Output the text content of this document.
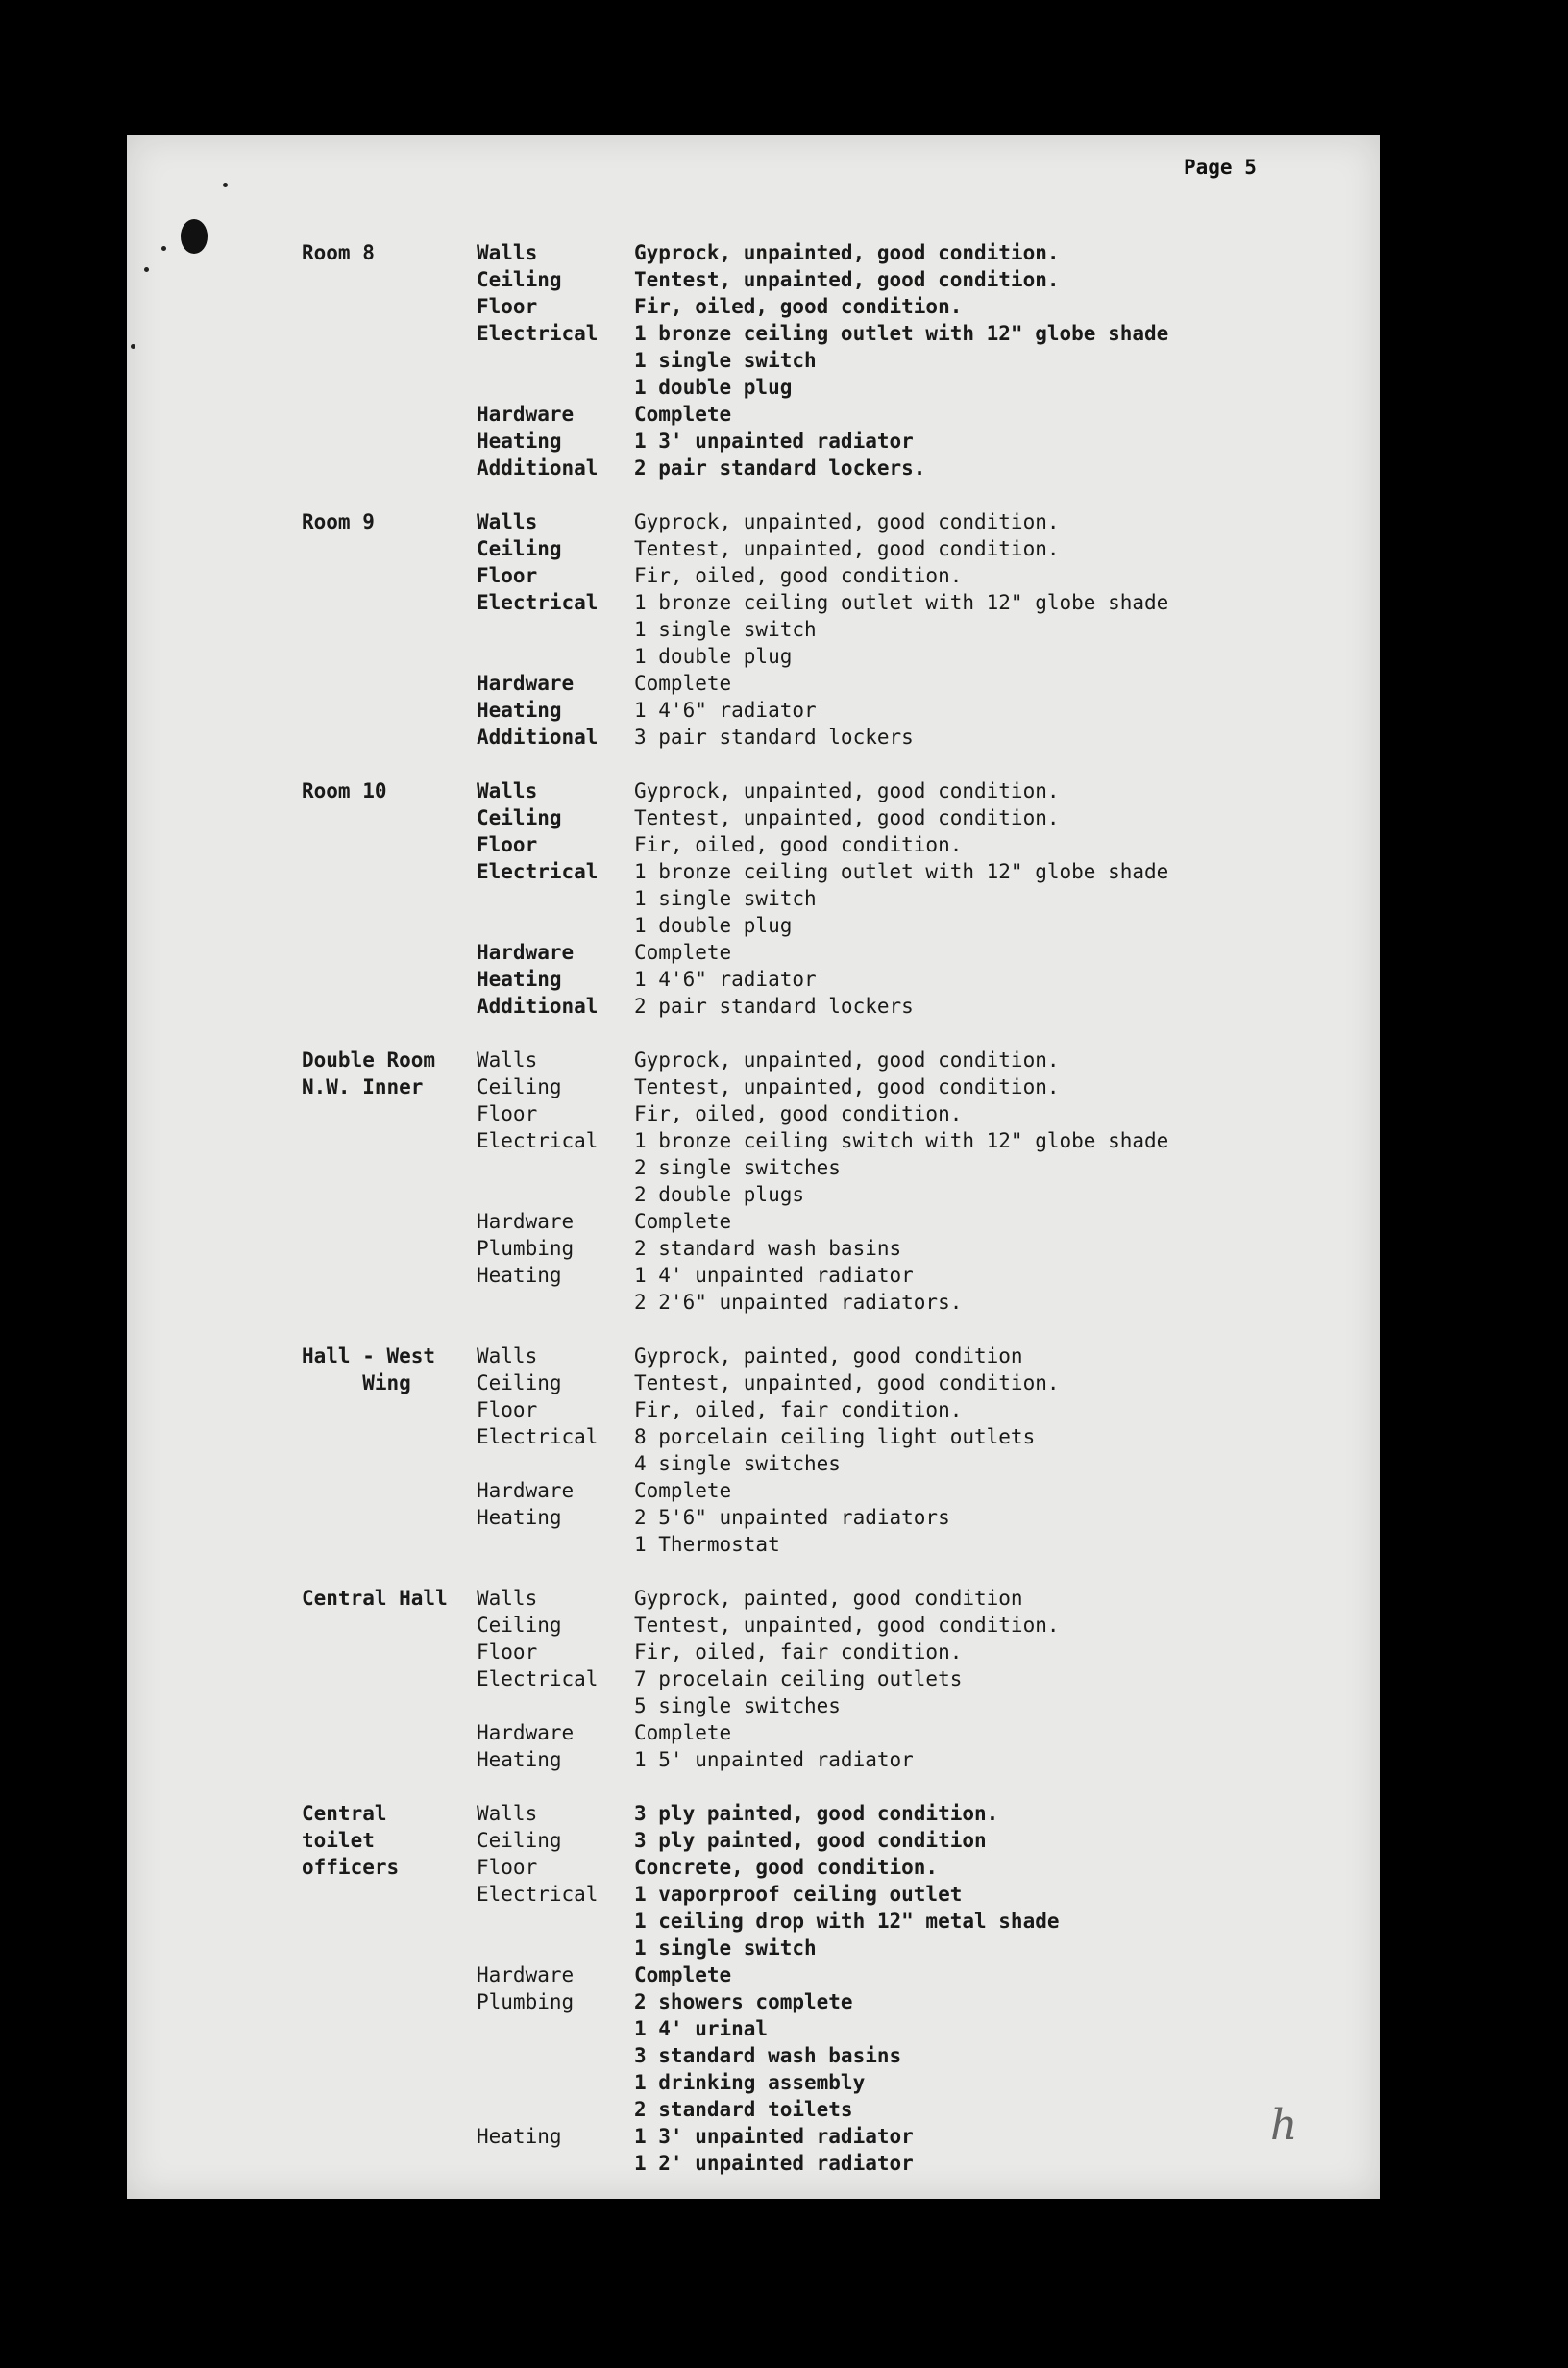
Page 5
Room 8	Walls	Gyprock, unpainted, good condition.
Ceiling	Tentest, unpainted, good condition.
Floor	Fir, oiled, good condition.
Electrical 1 bronze ceiling outlet with 12" globe shade
1 single switch
1 double plug
Hardware	Complete
Heating	1 3' unpainted radiator
Additional 2 pair standard lockers.
Room 9	Walls	Gyprock, unpainted, good condition.
Ceiling	Tentest, unpainted, good condition.
Floor	Fir, oiled, good condition.
Electrical 1 bronze ceiling outlet with 12" globe shade
1 single switch
1 double plug
Hardware	Complete
Heating	1 4'6" radiator
Additional 3 pair standard lockers
Room 10	Walls	Gyprock, unpainted, good condition.
Ceiling	Tentest, unpainted, good condition.
Floor	Fir, oiled, good condition.
Electrical 1 bronze ceiling outlet with 12" globe shade
1 single switch
1 double plug
Hardware	Complete
Heating	1 4'6" radiator
Additional 2 pair standard lockers
Double Room Walls	Gyprock, unpainted, good condition.
N.W. Inner	Ceiling	Tentest, unpainted, good condition.
Floor	Fir, oiled, good condition.
Electrical 1 bronze ceiling switch with 12" globe shade
2 single switches
2 double plugs
Hardware	Complete
Plumbing	2 standard wash basins
Heating	1 4' unpainted radiator
2 2'6" unpainted radiators.
Hall - West Walls	Gyprock, painted, good condition
Wing	Ceiling	Tentest, unpainted, good condition.
Floor	Fir, oiled, fair condition.
Electrical 8 porcelain ceiling light outlets
4 single switches
Hardware	Complete
Heating	2 5'6" unpainted radiators
1 Thermostat
Central Hall Walls	Gyprock, painted, good condition
Ceiling	Tentest, unpainted, good condition.
Floor	Fir, oiled, fair condition.
Electrical 7 procelain ceiling outlets
5 single switches
Hardware	Complete
Heating	1 5' unpainted radiator
Central	Walls	3 ply painted, good condition.
toilet	Ceiling	3 ply painted, good condition
officers	Floor	Concrete, good condition.
Electrical 1 vaporproof ceiling outlet
1 ceiling drop with 12" metal shade
1 single switch
Hardware	Complete
Plumbing	2 showers complete
1 4' urinal
3 standard wash basins
1 drinking assembly
2 standard toilets
Heating	1 3' unpainted radiator
1 2' unpainted radiator
h
